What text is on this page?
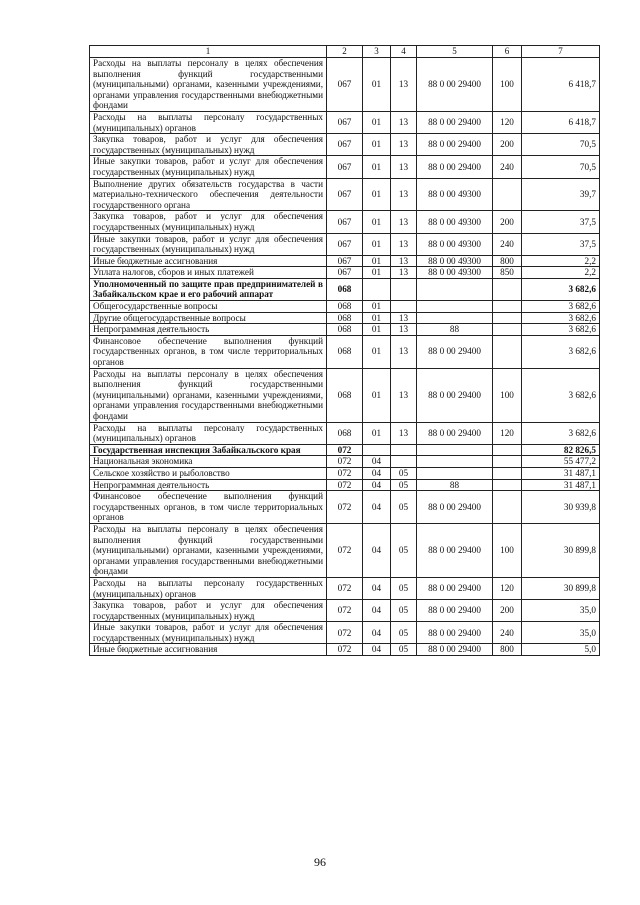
1	2	3	4	5	6	7
Расходы на выплаты персоналу в целях обеспечения выполнения функций государственными (муниципальными) органами, казенными учреждениями, органами управления государственными внебюджетными фондами	067	01	13	88 0 00 29400	100	6 418,7
Расходы на выплаты персоналу государственных (муниципальных) органов	067	01	13	88 0 00 29400	120	6 418,7
Закупка товаров, работ и услуг для обеспечения государственных (муниципальных) нужд	067	01	13	88 0 00 29400	200	70,5
Иные закупки товаров, работ и услуг для обеспечения государственных (муниципальных) нужд	067	01	13	88 0 00 29400	240	70,5
Выполнение других обязательств государства в части материально-технического обеспечения деятельности государственного органа	067	01	13	88 0 00 49300		39,7
Закупка товаров, работ и услуг для обеспечения государственных (муниципальных) нужд	067	01	13	88 0 00 49300	200	37,5
Иные закупки товаров, работ и услуг для обеспечения государственных (муниципальных) нужд	067	01	13	88 0 00 49300	240	37,5
Иные бюджетные ассигнования	067	01	13	88 0 00 49300	800	2,2
Уплата налогов, сборов и иных платежей	067	01	13	88 0 00 49300	850	2,2
Уполномоченный по защите прав предпринимателей в Забайкальском крае и его рабочий аппарат	068					3 682,6
Общегосударственные вопросы	068	01				3 682,6
Другие общегосударственные вопросы	068	01	13			3 682,6
Непрограммная деятельность	068	01	13	88		3 682,6
Финансовое обеспечение выполнения функций государственных органов, в том числе территориальных органов	068	01	13	88 0 00 29400		3 682,6
Расходы на выплаты персоналу в целях обеспечения выполнения функций государственными (муниципальными) органами, казенными учреждениями, органами управления государственными внебюджетными фондами	068	01	13	88 0 00 29400	100	3 682,6
Расходы на выплаты персоналу государственных (муниципальных) органов	068	01	13	88 0 00 29400	120	3 682,6
Государственная инспекция Забайкальского края	072					82 826,5
Национальная экономика	072	04				55 477,2
Сельское хозяйство и рыболовство	072	04	05			31 487,1
Непрограммная деятельность	072	04	05	88		31 487,1
Финансовое обеспечение выполнения функций государственных органов, в том числе территориальных органов	072	04	05	88 0 00 29400		30 939,8
Расходы на выплаты персоналу в целях обеспечения выполнения функций государственными (муниципальными) органами, казенными учреждениями, органами управления государственными внебюджетными фондами	072	04	05	88 0 00 29400	100	30 899,8
Расходы на выплаты персоналу государственных (муниципальных) органов	072	04	05	88 0 00 29400	120	30 899,8
Закупка товаров, работ и услуг для обеспечения государственных (муниципальных) нужд	072	04	05	88 0 00 29400	200	35,0
Иные закупки товаров, работ и услуг для обеспечения государственных (муниципальных) нужд	072	04	05	88 0 00 29400	240	35,0
Иные бюджетные ассигнования	072	04	05	88 0 00 29400	800	5,0
96
